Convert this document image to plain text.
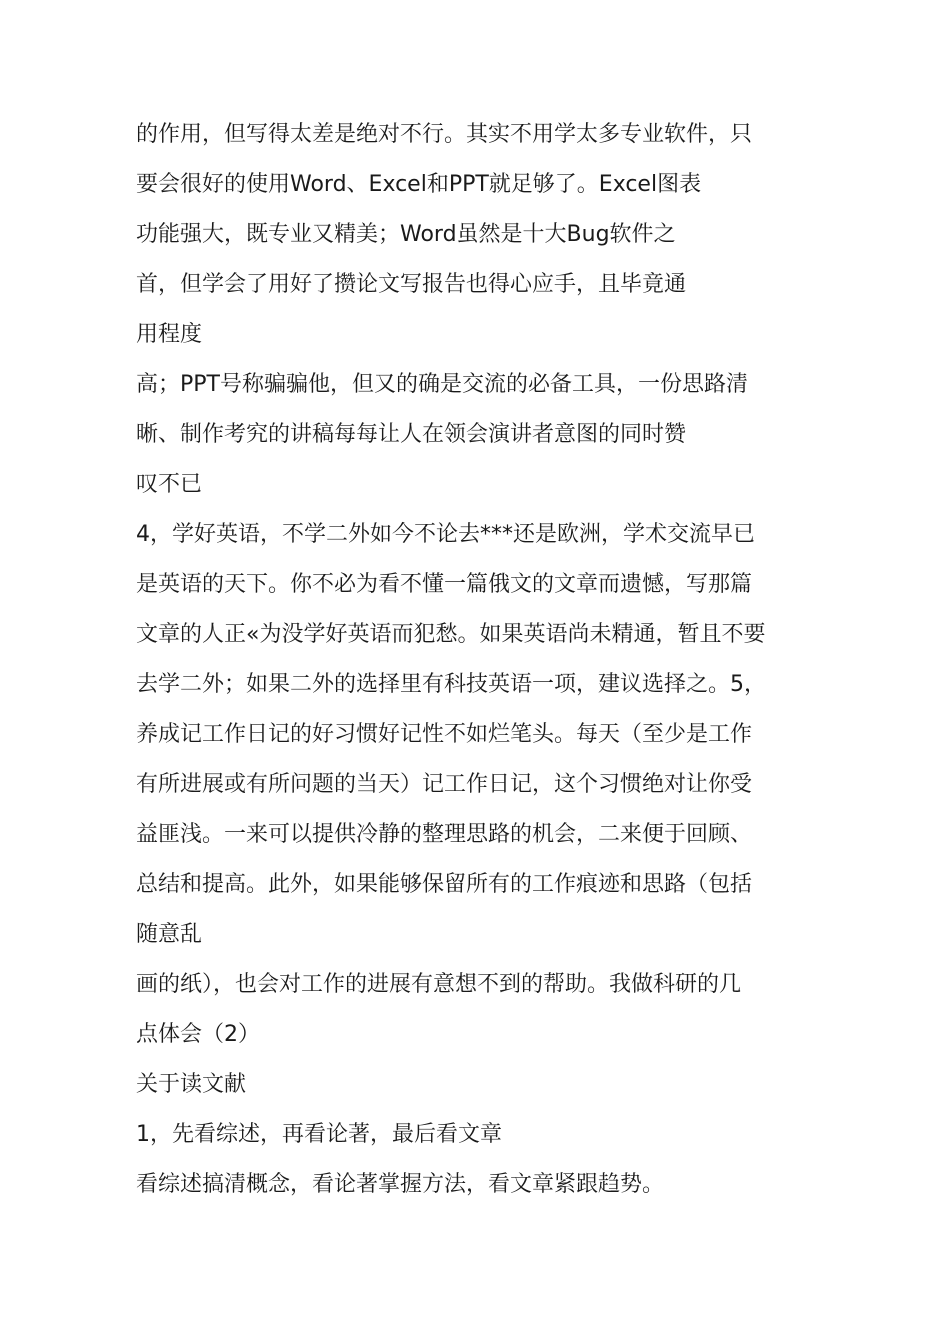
的作用，但写得太差是绝对不行。其实不用学太多专业软件，只
要会很好的使用Word、Excel和PPT就足够了。Excel图表
功能强大，既专业又精美；Word虽然是十大Bug软件之
首，但学会了用好了攒论文写报告也得心应手，且毕竟通
用程度
高；PPT号称骗骗他，但又的确是交流的必备工具，一份思路清
晰、制作考究的讲稿每每让人在领会演讲者意图的同时赞
叹不已
4，学好英语，不学二外如今不论去***还是欧洲，学术交流早已
是英语的天下。你不必为看不懂一篇俄文的文章而遗憾，写那篇
文章的人正«为没学好英语而犯愁。如果英语尚未精通，暂且不要
去学二外；如果二外的选择里有科技英语一项，建议选择之。5，
养成记工作日记的好习惯好记性不如烂笔头。每天（至少是工作
有所进展或有所问题的当天）记工作日记，这个习惯绝对让你受
益匪浅。一来可以提供冷静的整理思路的机会，二来便于回顾、
总结和提高。此外，如果能够保留所有的工作痕迹和思路（包括
随意乱
画的纸），也会对工作的进展有意想不到的帮助。我做科研的几
点体会（2）
关于读文献
1，先看综述，再看论著，最后看文章
看综述搞清概念，看论著掌握方法，看文章紧跟趋势。
